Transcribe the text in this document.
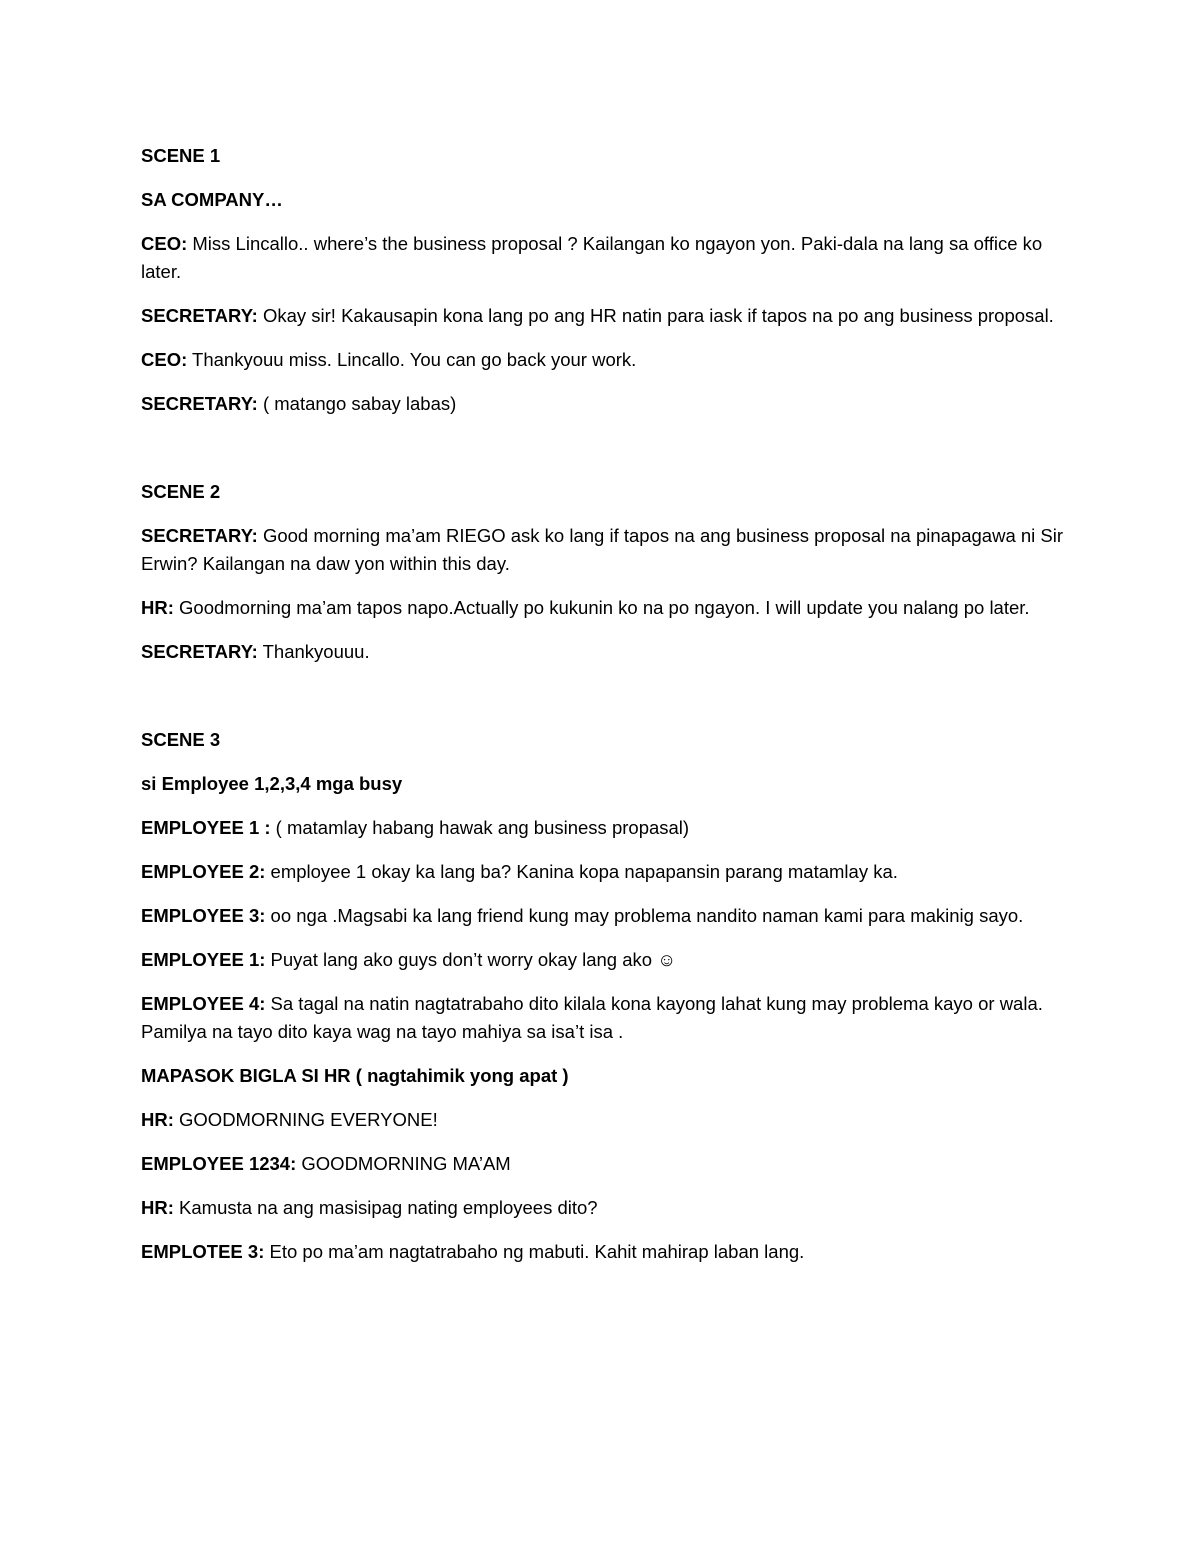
SCENE 1
SA COMPANY…
CEO: Miss Lincallo.. where’s the business proposal ? Kailangan ko ngayon yon. Paki-dala na lang sa office ko later.
SECRETARY: Okay sir! Kakausapin kona lang po ang HR natin para iask if tapos na po ang business proposal.
CEO: Thankyouu miss. Lincallo. You can go back your work.
SECRETARY: ( matango sabay labas)
SCENE 2
SECRETARY: Good morning ma’am RIEGO ask ko lang if tapos na ang business proposal na pinapagawa ni Sir Erwin? Kailangan na daw yon within this day.
HR: Goodmorning ma’am tapos napo.Actually po kukunin ko na po ngayon. I will update you nalang po later.
SECRETARY: Thankyouuu.
SCENE 3
si Employee 1,2,3,4 mga busy
EMPLOYEE 1 : ( matamlay habang hawak ang business propasal)
EMPLOYEE 2: employee 1 okay ka lang ba? Kanina kopa napapansin parang matamlay ka.
EMPLOYEE 3: oo nga .Magsabi ka lang friend kung may problema nandito naman kami para makinig sayo.
EMPLOYEE 1: Puyat lang ako guys don’t worry okay lang ako ☺
EMPLOYEE 4: Sa tagal na natin nagtatrabaho dito kilala kona kayong lahat kung may problema kayo or wala. Pamilya na tayo dito kaya wag na tayo mahiya sa isa’t isa .
MAPASOK BIGLA SI HR ( nagtahimik yong apat )
HR: GOODMORNING EVERYONE!
EMPLOYEE 1234: GOODMORNING MA’AM
HR: Kamusta na ang masisipag nating employees dito?
EMPLOTEE 3: Eto po ma’am nagtatrabaho ng mabuti. Kahit mahirap laban lang.
